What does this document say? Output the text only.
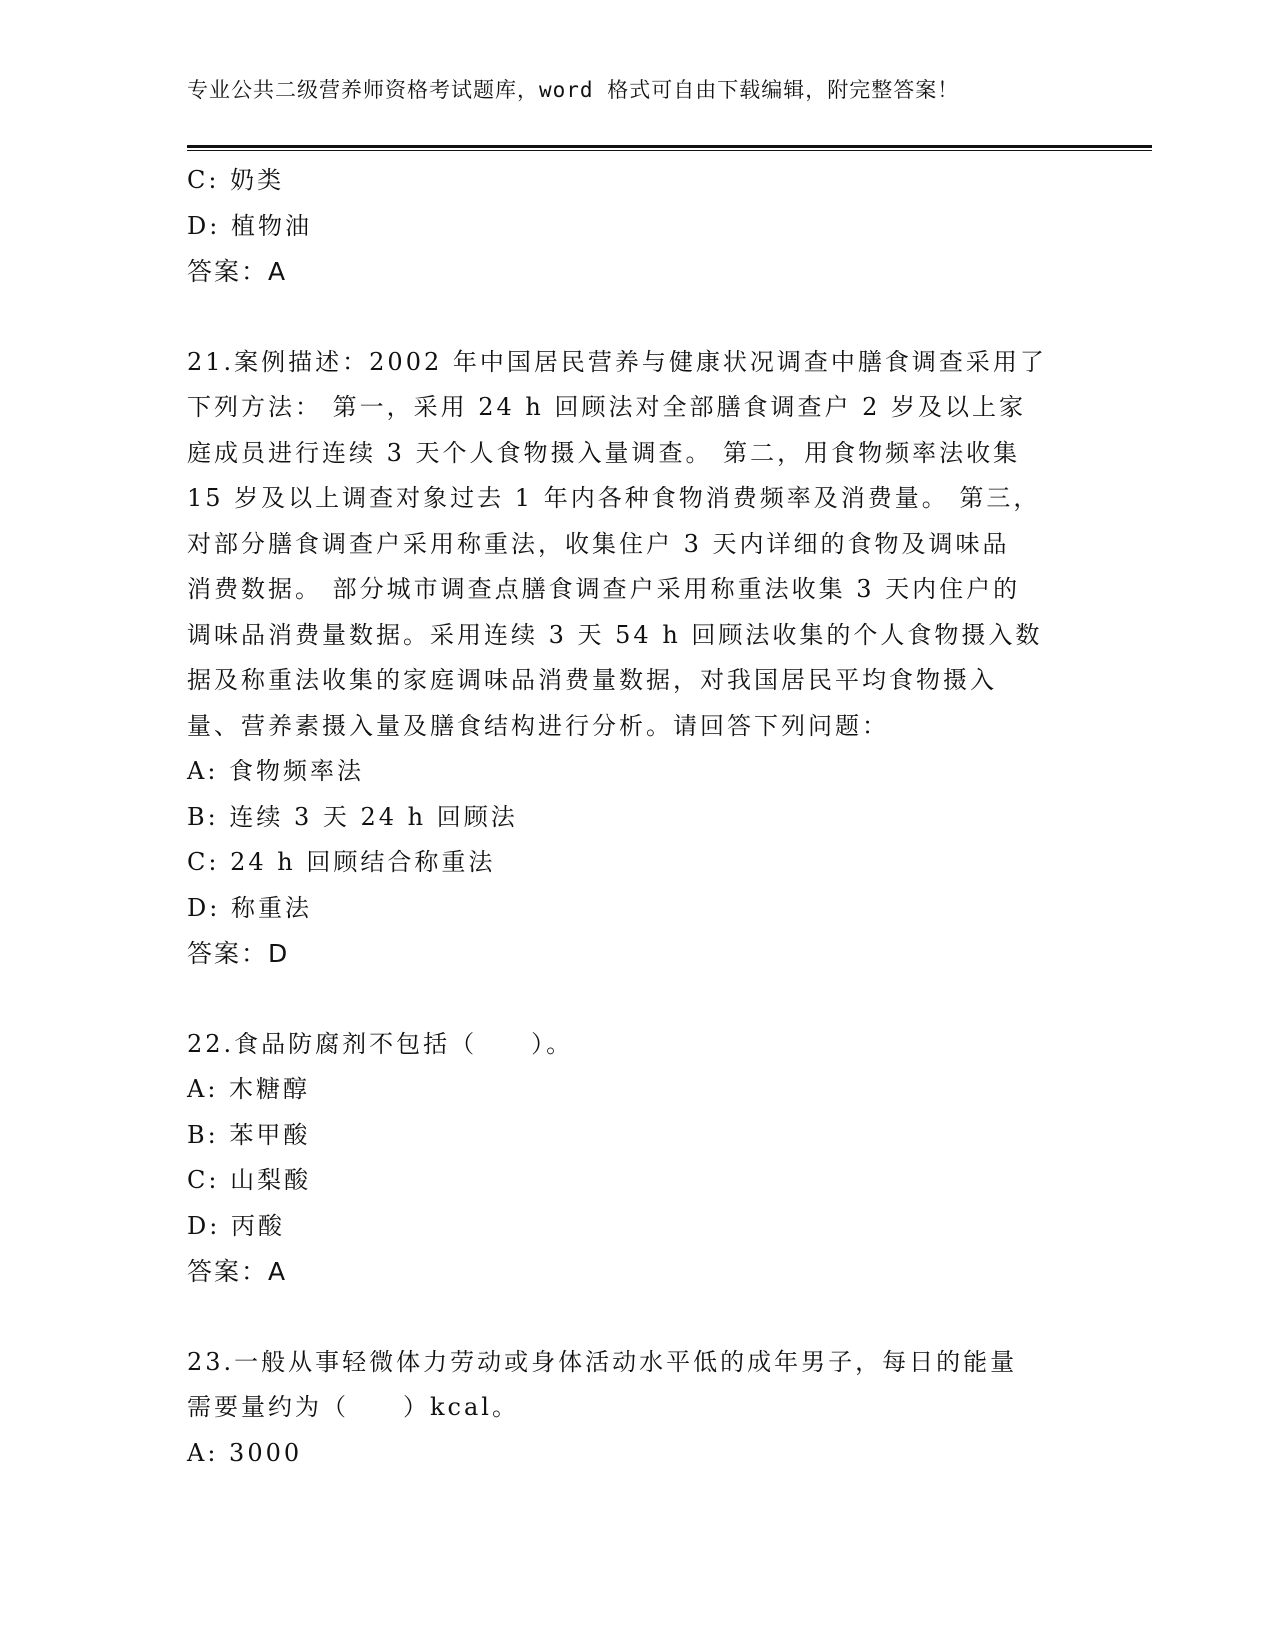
专业公共二级营养师资格考试题库，word 格式可自由下载编辑，附完整答案！
C: 奶类
D: 植物油
答案：A
21.案例描述：2002 年中国居民营养与健康状况调查中膳食调查采用了
下列方法： 第一，采用 24 h 回顾法对全部膳食调查户 2 岁及以上家
庭成员进行连续 3 天个人食物摄入量调查。 第二，用食物频率法收集
15 岁及以上调查对象过去 1 年内各种食物消费频率及消费量。 第三，
对部分膳食调查户采用称重法，收集住户 3 天内详细的食物及调味品
消费数据。 部分城市调查点膳食调查户采用称重法收集 3 天内住户的
调味品消费量数据。采用连续 3 天 54 h 回顾法收集的个人食物摄入数
据及称重法收集的家庭调味品消费量数据，对我国居民平均食物摄入
量、营养素摄入量及膳食结构进行分析。请回答下列问题：
A: 食物频率法
B: 连续 3 天 24 h 回顾法
C: 24 h 回顾结合称重法
D: 称重法
答案：D
22.食品防腐剂不包括（　　）。
A: 木糖醇
B: 苯甲酸
C: 山梨酸
D: 丙酸
答案：A
23.一般从事轻微体力劳动或身体活动水平低的成年男子，每日的能量
需要量约为（　　）kcal。
A: 3000
